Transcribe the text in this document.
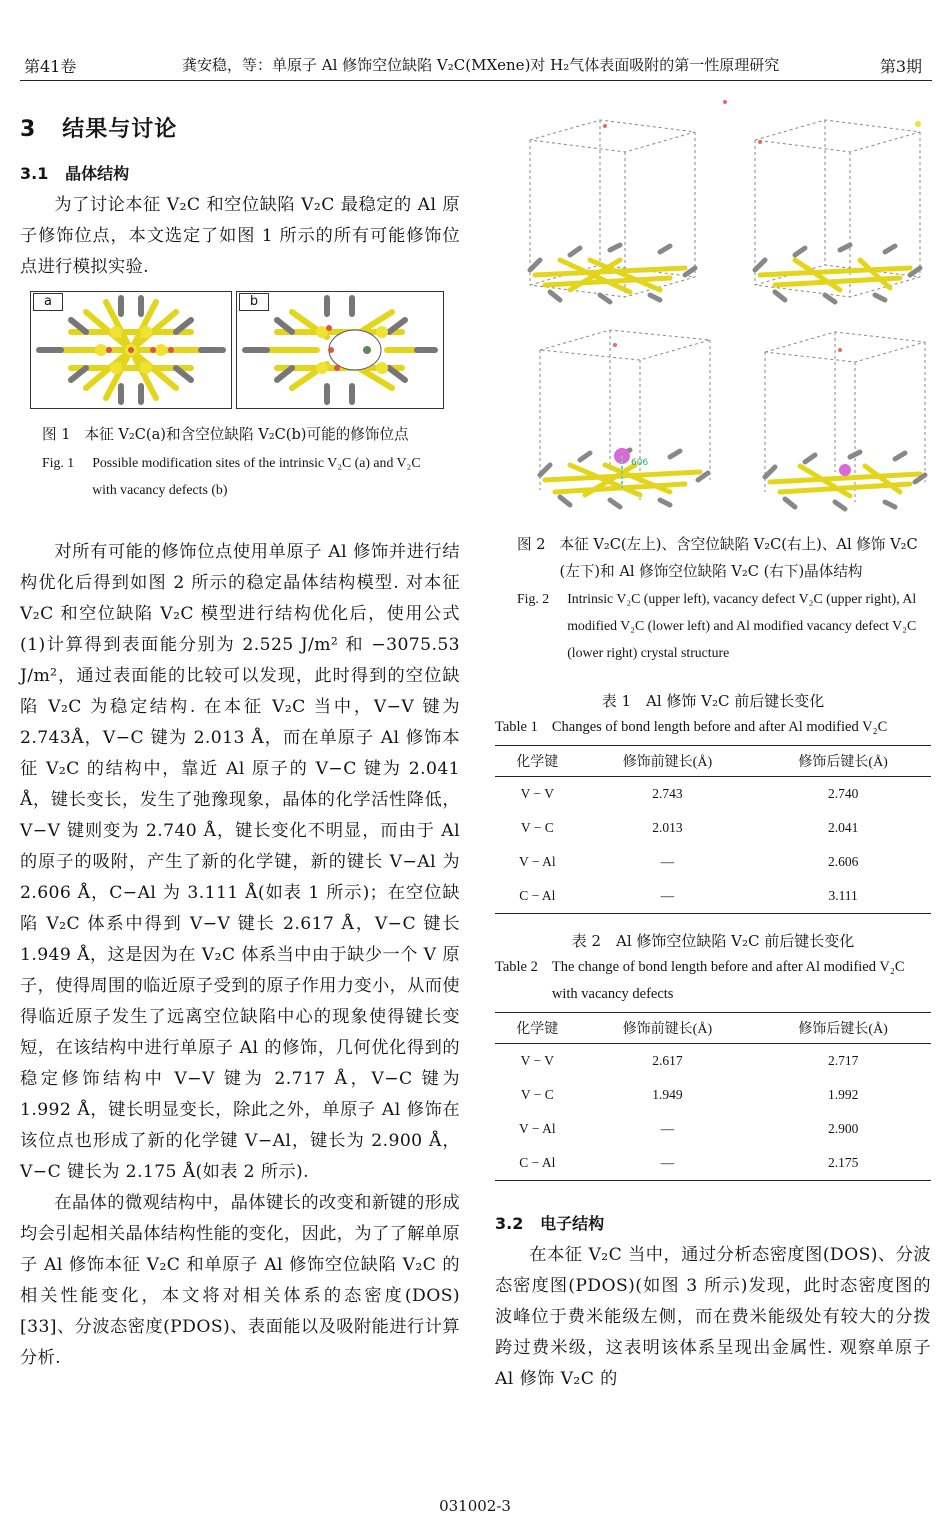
第41卷	龚安稳，等：单原子 Al 修饰空位缺陷 V₂C(MXene)对 H₂气体表面吸附的第一性原理研究	第3期
3 结果与讨论
3.1 晶体结构

为了讨论本征 V₂C 和空位缺陷 V₂C 最稳定的 Al 原子修饰位点，本文选定了如图 1 所示的所有可能修饰位点进行模拟实验.

a	b
图 1 本征 V₂C(a)和含空位缺陷 V₂C(b)可能的修饰位点
Fig. 1	Possible modification sites of the intrinsic V₂C (a) and V₂C with vacancy defects (b)

对所有可能的修饰位点使用单原子 Al 修饰并进行结构优化后得到如图 2 所示的稳定晶体结构模型. 对本征 V₂C 和空位缺陷 V₂C 模型进行结构优化后，使用公式(1)计算得到表面能分别为 2.525 J/m² 和 −3075.53 J/m²，通过表面能的比较可以发现，此时得到的空位缺陷 V₂C 为稳定结构. 在本征 V₂C 当中，V−V 键为 2.743Å，V−C 键为 2.013 Å，而在单原子 Al 修饰本征 V₂C 的结构中，靠近 Al 原子的 V−C 键为 2.041 Å，键长变长，发生了弛豫现象，晶体的化学活性降低，V−V 键则变为 2.740 Å，键长变化不明显，而由于 Al 的原子的吸附，产生了新的化学键，新的键长 V−Al 为 2.606 Å，C−Al 为 3.111 Å(如表 1 所示)；在空位缺陷 V₂C 体系中得到 V−V 键长 2.617 Å，V−C 键长 1.949 Å，这是因为在 V₂C 体系当中由于缺少一个 V 原子，使得周围的临近原子受到的原子作用力变小，从而使得临近原子发生了远离空位缺陷中心的现象使得键长变短，在该结构中进行单原子 Al 的修饰，几何优化得到的稳定修饰结构中 V−V 键为 2.717 Å，V−C 键为 1.992 Å，键长明显变长，除此之外，单原子 Al 修饰在该位点也形成了新的化学键 V−Al，键长为 2.900 Å，V−C 键长为 2.175 Å(如表 2 所示).

在晶体的微观结构中，晶体键长的改变和新键的形成均会引起相关晶体结构性能的变化，因此，为了了解单原子 Al 修饰本征 V₂C 和单原子 Al 修饰空位缺陷 V₂C 的相关性能变化，本文将对相关体系的态密度(DOS)[33]、分波态密度(PDOS)、表面能以及吸附能进行计算分析.

606
图 2 本征 V₂C(左上)、含空位缺陷 V₂C(右上)、Al 修饰 V₂C (左下)和 Al 修饰空位缺陷 V₂C (右下)晶体结构
Fig. 2	Intrinsic V₂C (upper left), vacancy defect V₂C (upper right), Al modified V₂C (lower left) and Al modified vacancy defect V₂C (lower right) crystal structure

表 1　Al 修饰 V₂C 前后键长变化

Table 1 Changes of bond length before and after Al modified V₂C
化学键	修饰前键长(Å)	修饰后键长(Å)
V − V	2.743	2.740
V − C	2.013	2.041
V − Al	—	2.606
C − Al	—	3.111

表 2　Al 修饰空位缺陷 V₂C 前后键长变化

Table 2 The change of bond length before and after Al modified V₂C with vacancy defects
化学键	修饰前键长(Å)	修饰后键长(Å)
V − V	2.617	2.717
V − C	1.949	1.992
V − Al	—	2.900
C − Al	—	2.175
3.2 电子结构

在本征 V₂C 当中，通过分析态密度图(DOS)、分波态密度图(PDOS)(如图 3 所示)发现，此时态密度图的波峰位于费米能级左侧，而在费米能级处有较大的分拨跨过费米级，这表明该体系呈现出金属性. 观察单原子 Al 修饰 V₂C 的

031002-3
